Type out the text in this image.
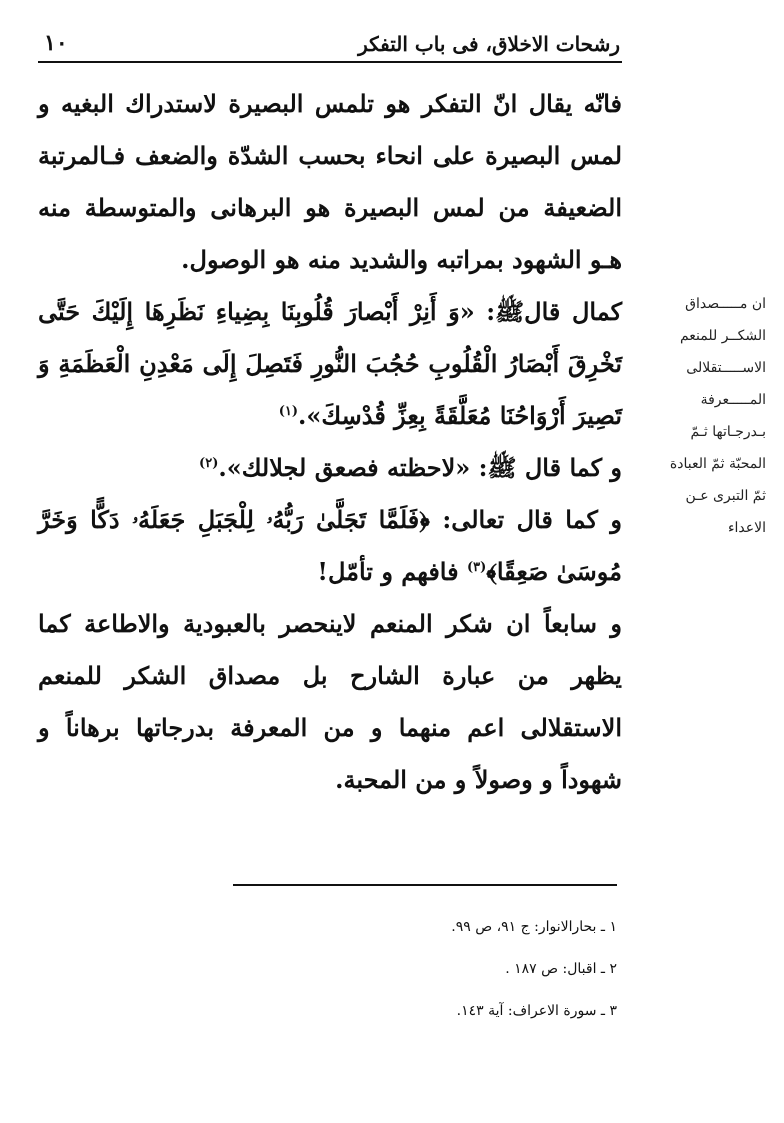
رشحات الاخلاق، فى باب التفكر
١٠

فانّه يقال انّ التفكر هو تلمس البصيرة لاستدراك البغيه و لمس البصيرة على انحاء بحسب الشدّة والضعف فـالمرتبة الضعيفة من لمس البصيرة هو البرهانى والمتوسطة منه هـو الشهود بمراتبه والشديد منه هو الوصول.

كمال قالﷺ: «وَ أَنِرْ أَبْصارَ قُلُوبِنَا بِضِياءِ نَظَرِهَا إِلَيْكَ حَتَّى تَخْرِقَ أَبْصَارُ الْقُلُوبِ حُجُبَ النُّورِ فَتَصِلَ إِلَى مَعْدِنِ الْعَظَمَةِ وَ تَصِيرَ أَرْوَاحُنَا مُعَلَّقَةً بِعِزِّ قُدْسِكَ».$^{(١)}$

و كما قال ﷺ: «لاحظته فصعق لجلالك».$^{(٢)}$

و كما قال تعالى: ﴿فَلَمَّا تَجَلَّىٰ رَبُّهُۥ لِلْجَبَلِ جَعَلَهُۥ دَكًّا وَخَرَّ مُوسَىٰ صَعِقًا﴾$^{(٣)}$ فافهم و تأمّل!

و سابعاً ان شكر المنعم لاينحصر بالعبودية والاطاعة كما يظهر من عبارة الشارح بل مصداق الشكر للمنعم الاستقلالى اعم منهما و من المعرفة بدرجاتها برهاناً و شهوداً و وصولاً و من المحبة.

ان مـــــصداق
الشكــر للمنعم
الاســـــتقلالى
المـــــعرفة
بـدرجـاتها ثـمّ
المحبّة ثمّ العبادة
ثمّ التبرى عـن
الاعداء
١ ـ بحارالانوار: ج ٩١، ص ٩٩.
٢ ـ اقبال: ص ١٨٧ .
٣ ـ سورة الاعراف: آية ١٤٣.
